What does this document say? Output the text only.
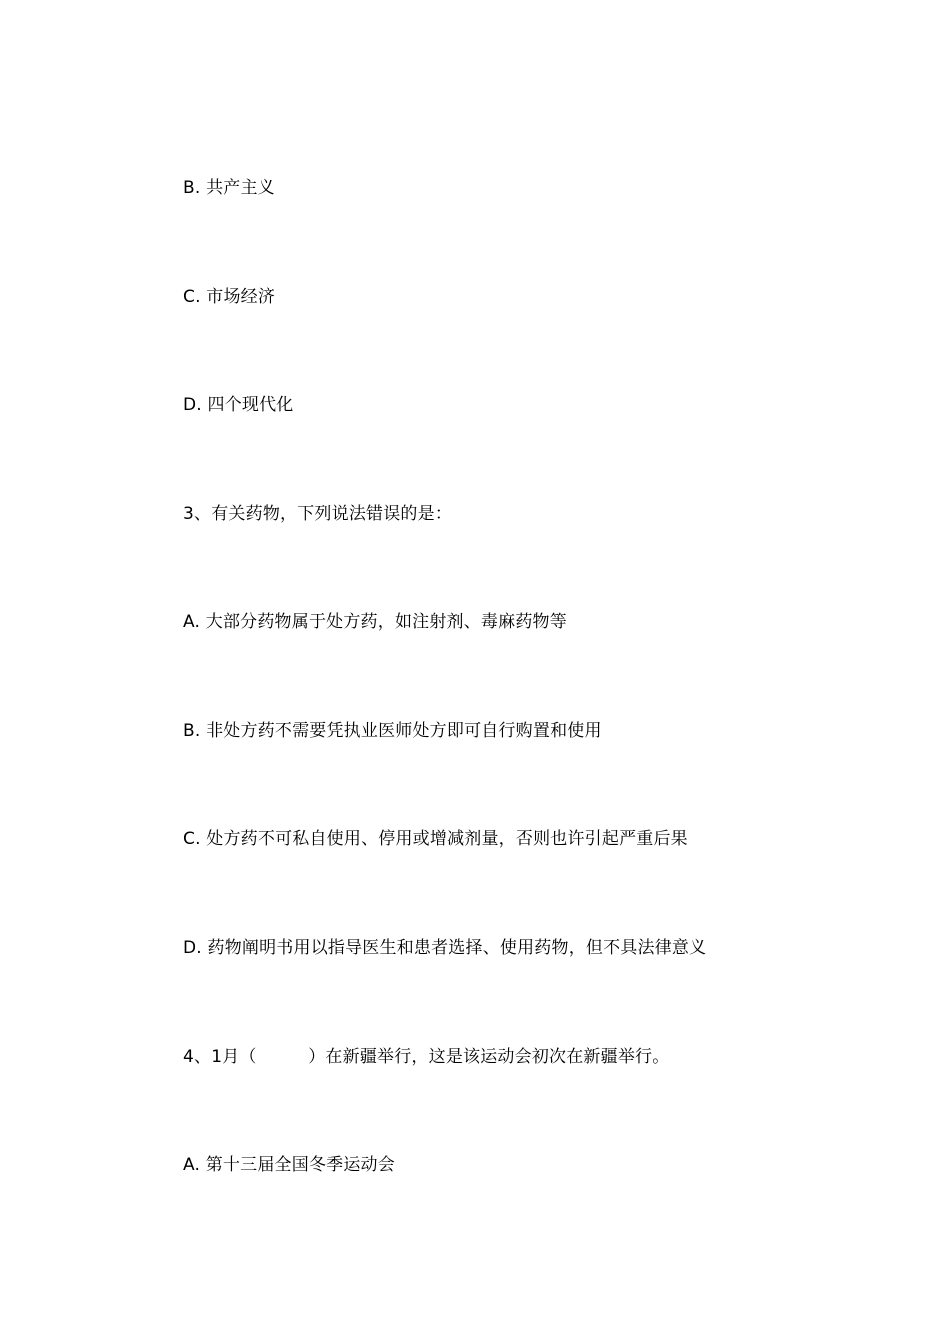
B. 共产主义
C. 市场经济
D. 四个现代化
3、有关药物，下列说法错误的是：
A. 大部分药物属于处方药，如注射剂、毒麻药物等
B. 非处方药不需要凭执业医师处方即可自行购置和使用
C. 处方药不可私自使用、停用或增减剂量，否则也许引起严重后果
D. 药物阐明书用以指导医生和患者选择、使用药物，但不具法律意义
4、1月（　　　）在新疆举行，这是该运动会初次在新疆举行。
A. 第十三届全国冬季运动会
